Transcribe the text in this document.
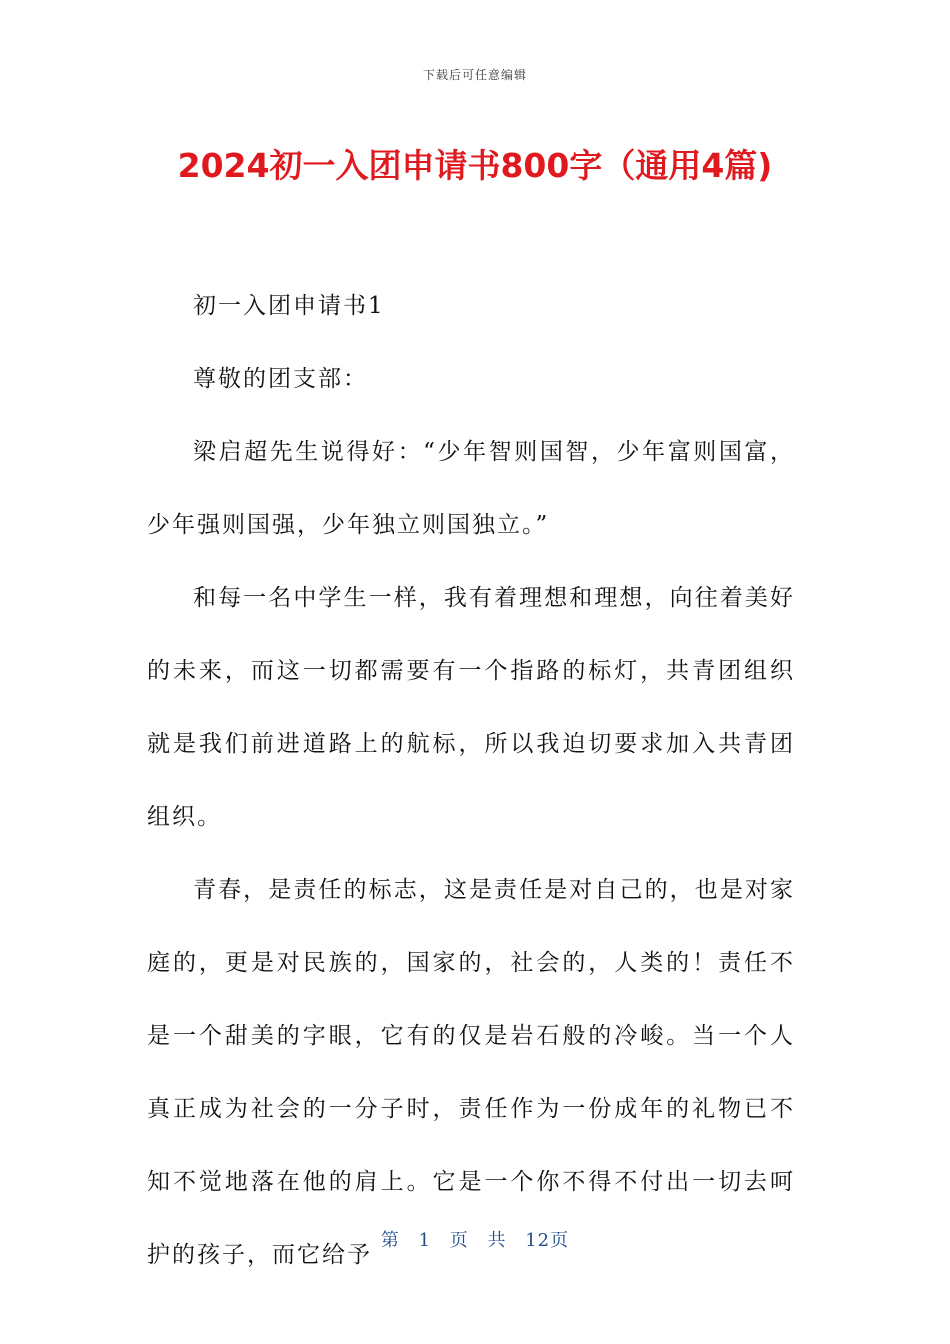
下载后可任意编辑
2024初一入团申请书800字（通用4篇)

初一入团申请书1

尊敬的团支部：

梁启超先生说得好：“少年智则国智，少年富则国富，少年强则国强，少年独立则国独立。”

和每一名中学生一样，我有着理想和理想，向往着美好的未来，而这一切都需要有一个指路的标灯，共青团组织就是我们前进道路上的航标，所以我迫切要求加入共青团组织。

青春，是责任的标志，这是责任是对自己的，也是对家庭的，更是对民族的，国家的，社会的，人类的！责任不是一个甜美的字眼，它有的仅是岩石般的冷峻。当一个人真正成为社会的一分子时，责任作为一份成年的礼物已不知不觉地落在他的肩上。它是一个你不得不付出一切去呵护的孩子，而它给予

第 1 页 共 12页
